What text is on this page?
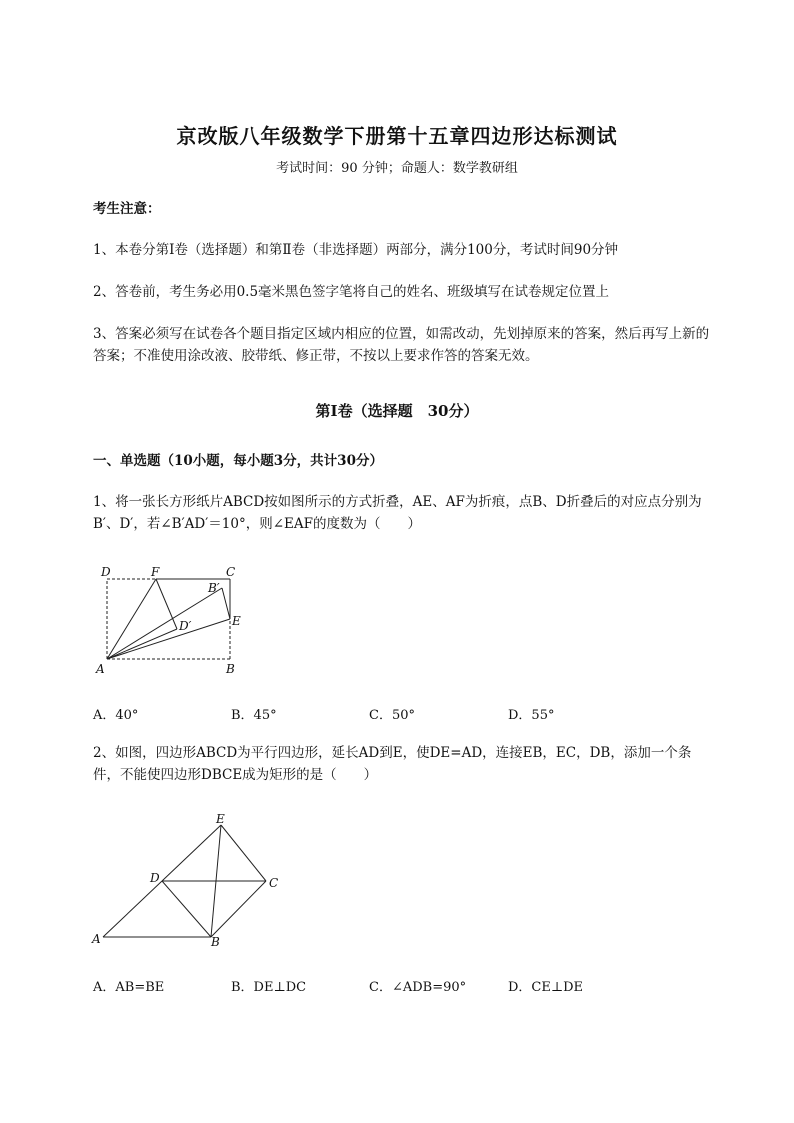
京改版八年级数学下册第十五章四边形达标测试
考试时间：90 分钟；命题人：数学教研组
考生注意：
1、本卷分第Ⅰ卷（选择题）和第Ⅱ卷（非选择题）两部分，满分100分，考试时间90分钟
2、答卷前，考生务必用0.5毫米黑色签字笔将自己的姓名、班级填写在试卷规定位置上
3、答案必须写在试卷各个题目指定区域内相应的位置，如需改动，先划掉原来的答案，然后再写上新的答案；不准使用涂改液、胶带纸、修正带，不按以上要求作答的答案无效。
第Ⅰ卷（选择题　30分）
一、单选题（10小题，每小题3分，共计30分）
1、将一张长方形纸片ABCD按如图所示的方式折叠，AE、AF为折痕，点B、D折叠后的对应点分别为B′、D′，若∠B′AD′＝10°，则∠EAF的度数为（　　）
D	F	C
B′
D′	E
A	B
A．40°	B．45°	C．50°	D．55°
2、如图，四边形ABCD为平行四边形，延长AD到E，使DE=AD，连接EB，EC，DB，添加一个条件，不能使四边形DBCE成为矩形的是（　　）
E
D	C
A	B
A．AB=BE	B．DE⊥DC	C．∠ADB=90°	D．CE⊥DE
